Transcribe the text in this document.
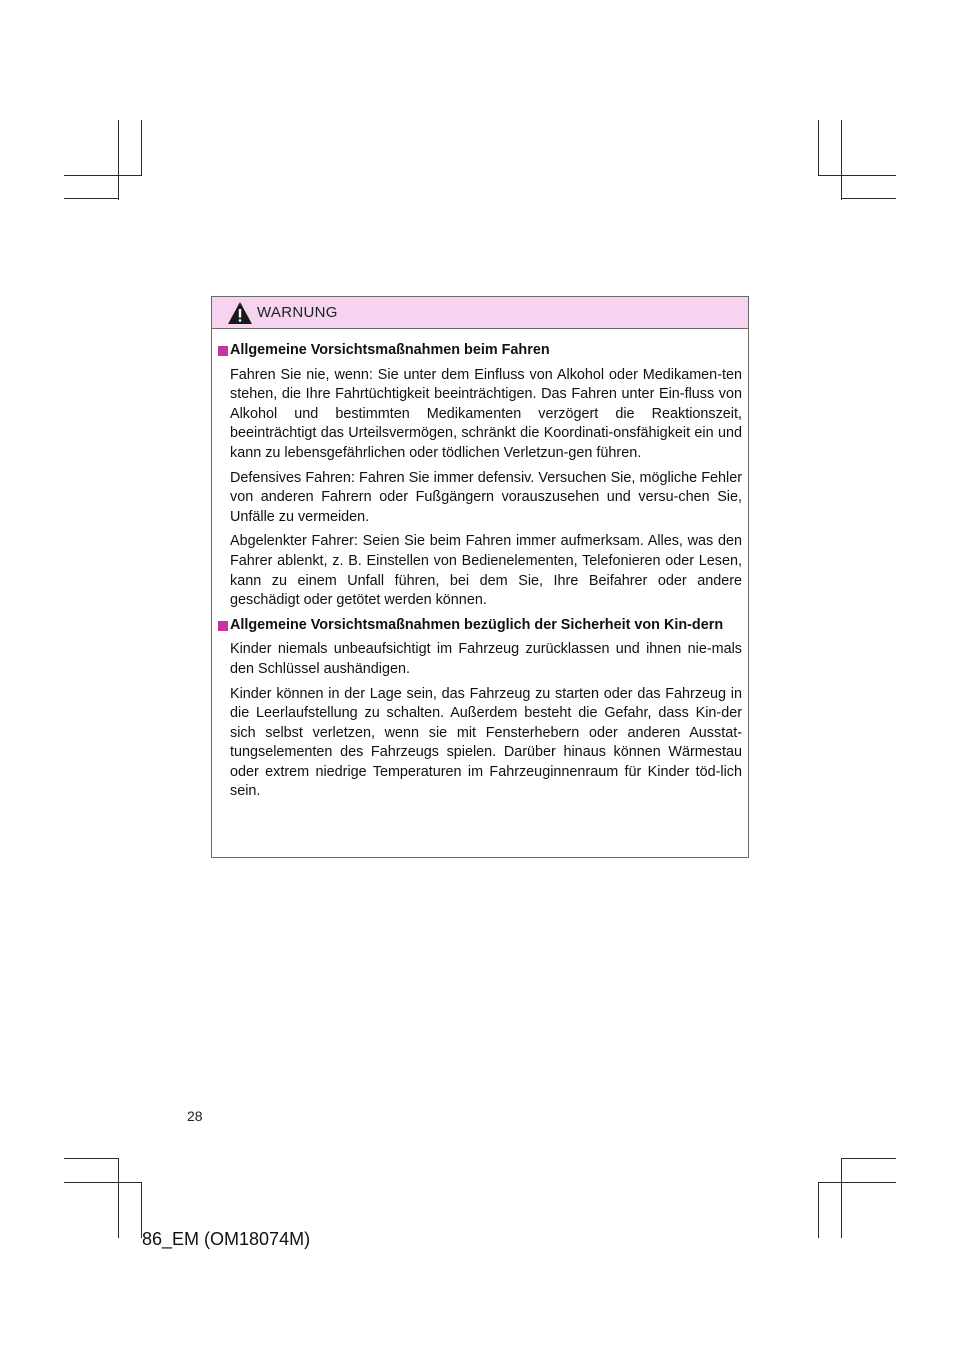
WARNUNG
Allgemeine Vorsichtsmaßnahmen beim Fahren
Fahren Sie nie, wenn: Sie unter dem Einfluss von Alkohol oder Medikamen-ten stehen, die Ihre Fahrtüchtigkeit beeinträchtigen. Das Fahren unter Ein-fluss von Alkohol und bestimmten Medikamenten verzögert die Reaktionszeit, beeinträchtigt das Urteilsvermögen, schränkt die Koordinati-onsfähigkeit ein und kann zu lebensgefährlichen oder tödlichen Verletzun-gen führen.
Defensives Fahren: Fahren Sie immer defensiv. Versuchen Sie, mögliche Fehler von anderen Fahrern oder Fußgängern vorauszusehen und versu-chen Sie, Unfälle zu vermeiden.
Abgelenkter Fahrer: Seien Sie beim Fahren immer aufmerksam. Alles, was den Fahrer ablenkt, z. B. Einstellen von Bedienelementen, Telefonieren oder Lesen, kann zu einem Unfall führen, bei dem Sie, Ihre Beifahrer oder andere geschädigt oder getötet werden können.
Allgemeine Vorsichtsmaßnahmen bezüglich der Sicherheit von Kin-dern
Kinder niemals unbeaufsichtigt im Fahrzeug zurücklassen und ihnen nie-mals den Schlüssel aushändigen.
Kinder können in der Lage sein, das Fahrzeug zu starten oder das Fahrzeug in die Leerlaufstellung zu schalten. Außerdem besteht die Gefahr, dass Kin-der sich selbst verletzen, wenn sie mit Fensterhebern oder anderen Ausstat-tungselementen des Fahrzeugs spielen. Darüber hinaus können Wärmestau oder extrem niedrige Temperaturen im Fahrzeuginnenraum für Kinder töd-lich sein.
28
86_EM (OM18074M)
